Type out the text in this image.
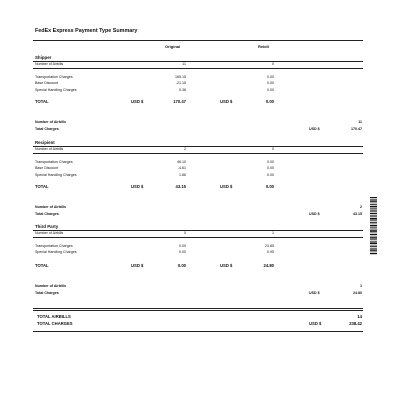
FedEx Express Payment Type Summary
Original	Rebill
Shipper
Number of Airbills	11	0
Transportation Charges	165.15	0.00
Base Discount	-21.15	0.00
Special Handling Charges	5.36	0.00
TOTAL	USD $	170.47	USD $	0.00
Number of Airbills	11
Total Charges	USD $	170.47
Recipient
Number of Airbills	2	0
Transportation Charges	46.10	0.00
Base Discount	-4.61	0.00
Special Handling Charges	1.66	0.00
TOTAL	USD $	43.15	USD $	0.00
Number of Airbills	2
Total Charges	USD $	43.15
Third Party
Number of Airbills	0	1
Transportation Charges	0.00	23.85
Special Handling Charges	0.00	0.95
TOTAL	USD $	0.00	USD $	24.80
Number of Airbills	1
Total Charges	USD $	24.80
TOTAL AIRBILLS	14
TOTAL CHARGES	USD $	238.42
